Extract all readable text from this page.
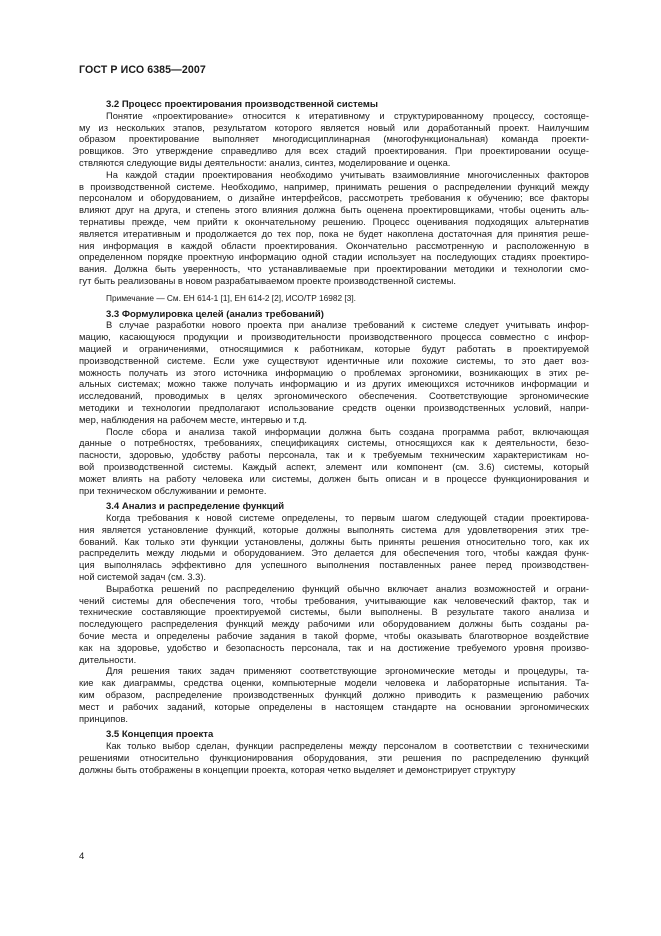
ГОСТ Р ИСО 6385—2007
3.2 Процесс проектирования производственной системы
Понятие «проектирование» относится к итеративному и структурированному процессу, состояще-
му из нескольких этапов, результатом которого является новый или доработанный проект. Наилучшим
образом проектирование выполняет многодисциплинарная (многофункциональная) команда проекти-
ровщиков. Это утверждение справедливо для всех стадий проектирования. При проектировании осуще-
ствляются следующие виды деятельности: анализ, синтез, моделирование и оценка.
На каждой стадии проектирования необходимо учитывать взаимовлияние многочисленных факторов
в производственной системе. Необходимо, например, принимать решения о распределении функций между
персоналом и оборудованием, о дизайне интерфейсов, рассмотреть требования к обучению; все факторы
влияют друг на друга, и степень этого влияния должна быть оценена проектировщиками, чтобы оценить аль-
тернативы прежде, чем прийти к окончательному решению. Процесс оценивания подходящих альтернатив
является итеративным и продолжается до тех пор, пока не будет накоплена достаточная для принятия реше-
ния информация в каждой области проектирования. Окончательно рассмотренную и расположенную в
определенном порядке проектную информацию одной стадии использует на последующих стадиях проектиро-
вания. Должна быть уверенность, что устанавливаемые при проектировании методики и технологии смо-
гут быть реализованы в новом разрабатываемом проекте производственной системы.
Примечание — См. ЕН 614-1 [1], ЕН 614-2 [2], ИСО/ТР 16982 [3].
3.3 Формулировка целей (анализ требований)
В случае разработки нового проекта при анализе требований к системе следует учитывать инфор-
мацию, касающуюся продукции и производительности производственного процесса совместно с инфор-
мацией и ограничениями, относящимися к работникам, которые будут работать в проектируемой
производственной системе. Если уже существуют идентичные или похожие системы, то это дает воз-
можность получать из этого источника информацию о проблемах эргономики, возникающих в этих ре-
альных системах; можно также получать информацию и из других имеющихся источников информации и
исследований, проводимых в целях эргономического обеспечения. Соответствующие эргономические
методики и технологии предполагают использование средств оценки производственных условий, напри-
мер, наблюдения на рабочем месте, интервью и т.д.
После сбора и анализа такой информации должна быть создана программа работ, включающая
данные о потребностях, требованиях, спецификациях системы, относящихся как к деятельности, безо-
пасности, здоровью, удобству работы персонала, так и к требуемым техническим характеристикам но-
вой производственной системы. Каждый аспект, элемент или компонент (см. 3.6) системы, который
может влиять на работу человека или системы, должен быть описан и в процессе функционирования и
при техническом обслуживании и ремонте.
3.4 Анализ и распределение функций
Когда требования к новой системе определены, то первым шагом следующей стадии проектирова-
ния является установление функций, которые должны выполнять система для удовлетворения этих тре-
бований. Как только эти функции установлены, должны быть приняты решения относительно того, как их
распределить между людьми и оборудованием. Это делается для обеспечения того, чтобы каждая функ-
ция выполнялась эффективно для успешного выполнения поставленных ранее перед производствен-
ной системой задач (см. 3.3).
Выработка решений по распределению функций обычно включает анализ возможностей и ограни-
чений системы для обеспечения того, чтобы требования, учитывающие как человеческий фактор, так и
технические составляющие проектируемой системы, были выполнены. В результате такого анализа и
последующего распределения функций между рабочими или оборудованием должны быть созданы ра-
бочие места и определены рабочие задания в такой форме, чтобы оказывать благотворное воздействие
как на здоровье, удобство и безопасность персонала, так и на достижение требуемого уровня произво-
дительности.
Для решения таких задач применяют соответствующие эргономические методы и процедуры, та-
кие как диаграммы, средства оценки, компьютерные модели человека и лабораторные испытания. Та-
ким образом, распределение производственных функций должно приводить к размещению рабочих
мест и рабочих заданий, которые определены в настоящем стандарте на основании эргономических
принципов.
3.5 Концепция проекта
Как только выбор сделан, функции распределены между персоналом в соответствии с техническими
решениями относительно функционирования оборудования, эти решения по распределению функций
должны быть отображены в концепции проекта, которая четко выделяет и демонстрирует структуру
4
